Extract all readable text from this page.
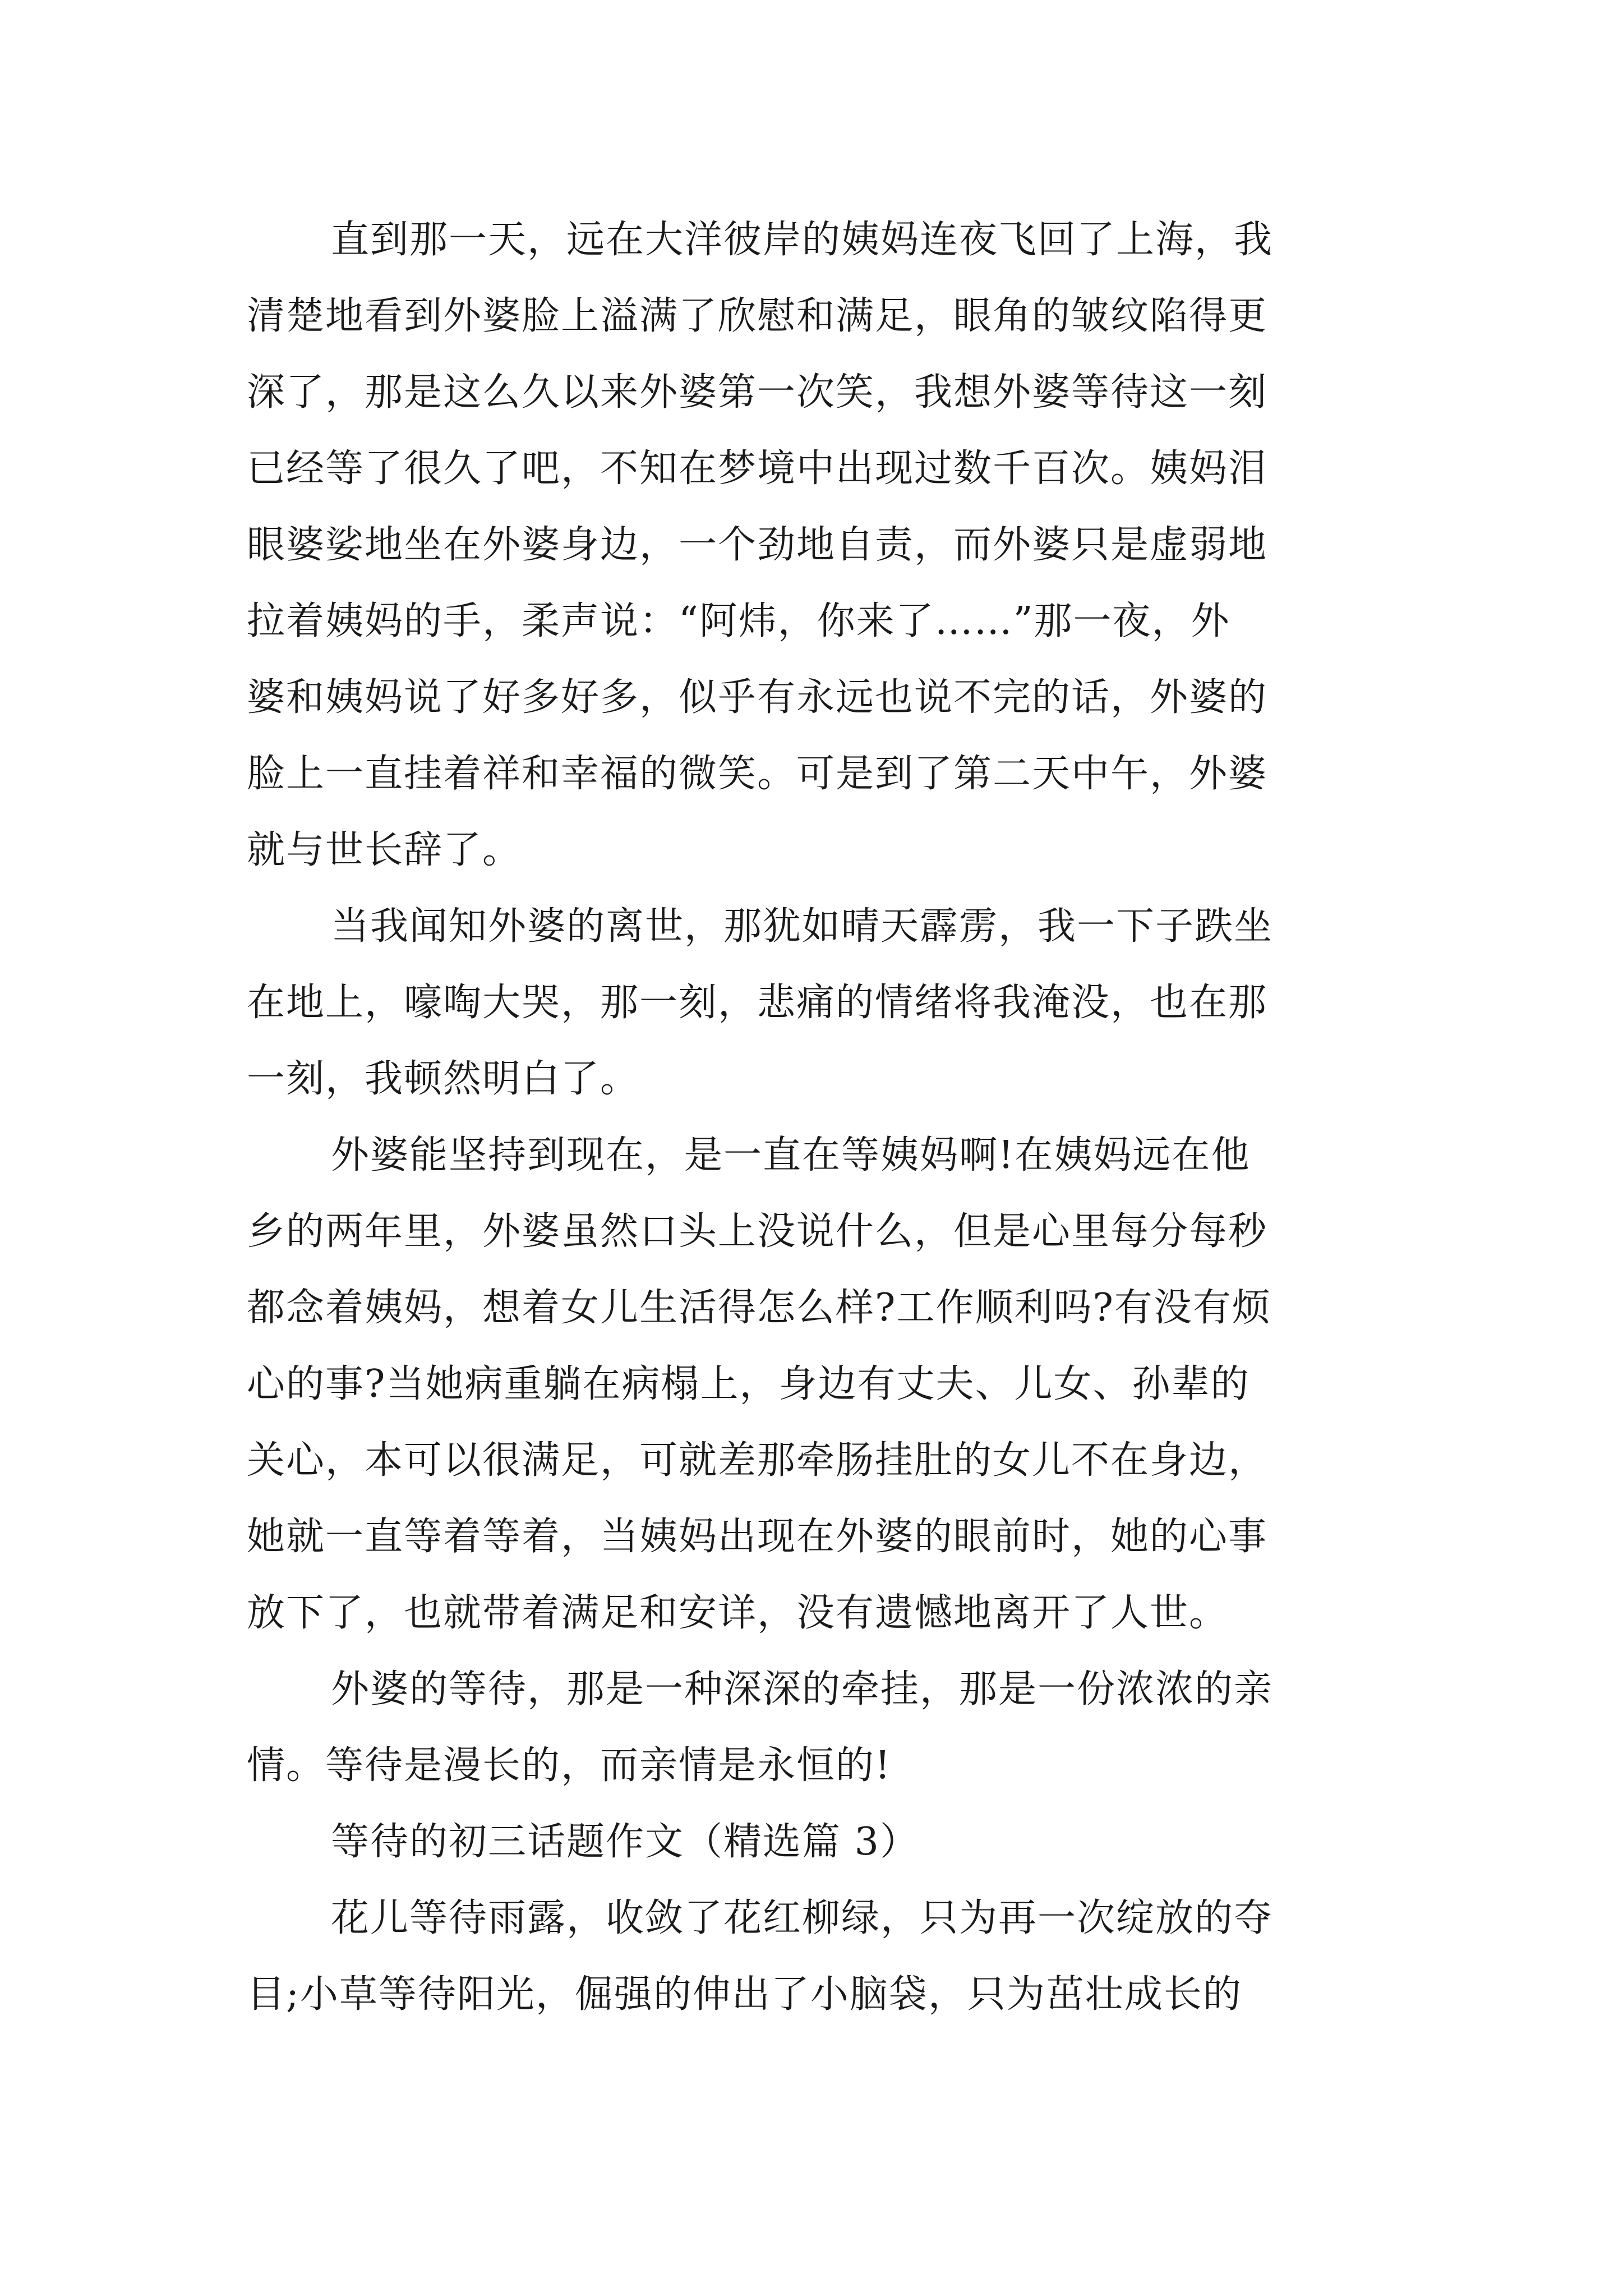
直到那一天，远在大洋彼岸的姨妈连夜飞回了上海，我
清楚地看到外婆脸上溢满了欣慰和满足，眼角的皱纹陷得更
深了，那是这么久以来外婆第一次笑，我想外婆等待这一刻
已经等了很久了吧，不知在梦境中出现过数千百次。姨妈泪
眼婆娑地坐在外婆身边，一个劲地自责，而外婆只是虚弱地
拉着姨妈的手，柔声说：“阿炜，你来了……”那一夜，外
婆和姨妈说了好多好多，似乎有永远也说不完的话，外婆的
脸上一直挂着祥和幸福的微笑。可是到了第二天中午，外婆
就与世长辞了。

当我闻知外婆的离世，那犹如晴天霹雳，我一下子跌坐
在地上，嚎啕大哭，那一刻，悲痛的情绪将我淹没，也在那
一刻，我顿然明白了。

外婆能坚持到现在，是一直在等姨妈啊!在姨妈远在他
乡的两年里，外婆虽然口头上没说什么，但是心里每分每秒
都念着姨妈，想着女儿生活得怎么样?工作顺利吗?有没有烦
心的事?当她病重躺在病榻上，身边有丈夫、儿女、孙辈的
关心，本可以很满足，可就差那牵肠挂肚的女儿不在身边，
她就一直等着等着，当姨妈出现在外婆的眼前时，她的心事
放下了，也就带着满足和安详，没有遗憾地离开了人世。

外婆的等待，那是一种深深的牵挂，那是一份浓浓的亲
情。等待是漫长的，而亲情是永恒的!

等待的初三话题作文（精选篇 3）

花儿等待雨露，收敛了花红柳绿，只为再一次绽放的夺
目;小草等待阳光，倔强的伸出了小脑袋，只为茁壮成长的
